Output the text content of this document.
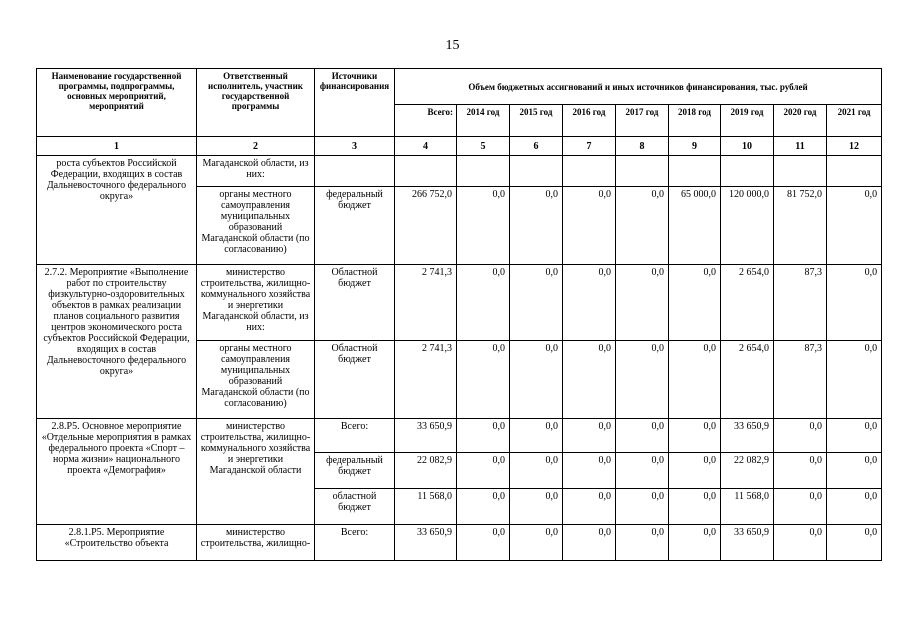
15
Наименование государственной программы, подпрограммы, основных мероприятий, мероприятий	Ответственный исполнитель, участник государственной программы	Источники финансирования	Объем бюджетных ассигнований и иных источников финансирования, тыс. рублей								
			Всего:	2014 год	2015 год	2016 год	2017 год	2018 год	2019 год	2020 год	2021 год
1	2	3	4	5	6	7	8	9	10	11	12
роста субъектов Российской Федерации, входящих в состав Дальневосточного федерального округа»	Магаданской области, из них:										
	органы местного самоуправления муниципальных образований Магаданской области (по согласованию)	федеральный бюджет	266 752,0	0,0	0,0	0,0	0,0	65 000,0	120 000,0	81 752,0	0,0
2.7.2. Мероприятие «Выполнение работ по строительству физкультурно-оздоровительных объектов в рамках реализации планов социального развития центров экономического роста субъектов Российской Федерации, входящих в состав Дальневосточного федерального округа»	министерство строительства, жилищно-коммунального хозяйства и энергетики Магаданской области, из них:	Областной бюджет	2 741,3	0,0	0,0	0,0	0,0	0,0	2 654,0	87,3	0,0
	органы местного самоуправления муниципальных образований Магаданской области (по согласованию)	Областной бюджет	2 741,3	0,0	0,0	0,0	0,0	0,0	2 654,0	87,3	0,0
2.8.Р5. Основное мероприятие «Отдельные мероприятия в рамках федерального проекта «Спорт – норма жизни» национального проекта «Демография»	министерство строительства, жилищно-коммунального хозяйства и энергетики Магаданской области	Всего:	33 650,9	0,0	0,0	0,0	0,0	0,0	33 650,9	0,0	0,0
		федеральный бюджет	22 082,9	0,0	0,0	0,0	0,0	0,0	22 082,9	0,0	0,0
		областной бюджет	11 568,0	0,0	0,0	0,0	0,0	0,0	11 568,0	0,0	0,0
2.8.1.Р5. Мероприятие «Строительство объекта	министерство строительства, жилищно-	Всего:	33 650,9	0,0	0,0	0,0	0,0	0,0	33 650,9	0,0	0,0
